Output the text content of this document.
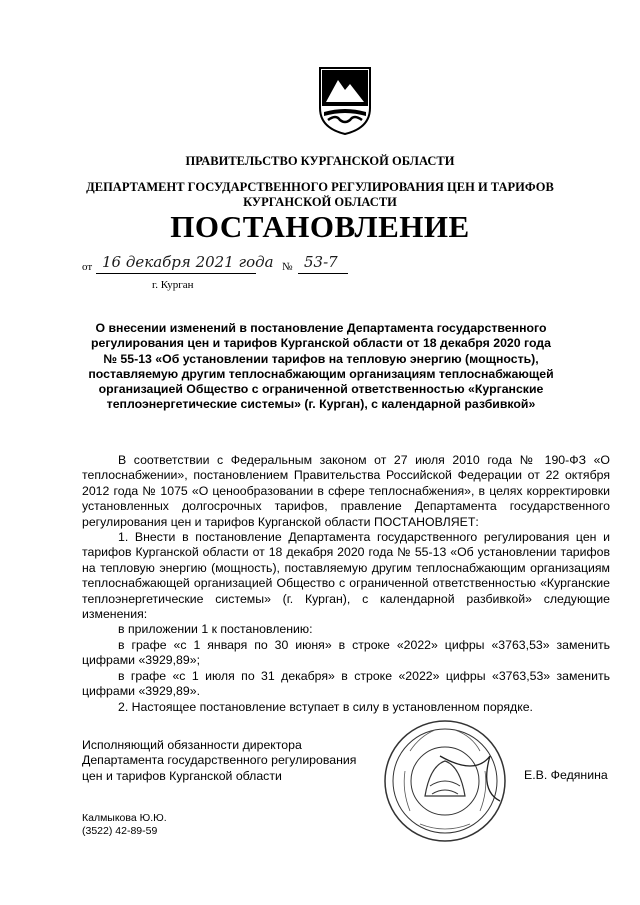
ПРАВИТЕЛЬСТВО КУРГАНСКОЙ ОБЛАСТИ
ДЕПАРТАМЕНТ ГОСУДАРСТВЕННОГО РЕГУЛИРОВАНИЯ ЦЕН И ТАРИФОВ
КУРГАНСКОЙ ОБЛАСТИ
ПОСТАНОВЛЕНИЕ
от 16 декабря 2021 года № 53-7
г. Курган
О внесении изменений в постановление Департамента государственного
регулирования цен и тарифов Курганской области от 18 декабря 2020 года
№ 55-13 «Об установлении тарифов на тепловую энергию (мощность),
поставляемую другим теплоснабжающим организациям теплоснабжающей
организацией Общество с ограниченной ответственностью «Курганские
теплоэнергетические системы» (г. Курган), с календарной разбивкой»

В соответствии с Федеральным законом от 27 июля 2010 года № 190-ФЗ «О теплоснабжении», постановлением Правительства Российской Федерации от 22 октября 2012 года № 1075 «О ценообразовании в сфере теплоснабжения», в целях корректировки установленных долгосрочных тарифов, правление Департамента государственного регулирования цен и тарифов Курганской области ПОСТАНОВЛЯЕТ:

1. Внести в постановление Департамента государственного регулирования цен и тарифов Курганской области от 18 декабря 2020 года № 55-13 «Об установлении тарифов на тепловую энергию (мощность), поставляемую другим теплоснабжающим организациям теплоснабжающей организацией Общество с ограниченной ответственностью «Курганские теплоэнергетические системы» (г. Курган), с календарной разбивкой» следующие изменения:

в приложении 1 к постановлению:

в графе «с 1 января по 30 июня» в строке «2022» цифры «3763,53» заменить цифрами «3929,89»;

в графе «с 1 июля по 31 декабря» в строке «2022» цифры «3763,53» заменить цифрами «3929,89».

2. Настоящее постановление вступает в силу в установленном порядке.

Исполняющий обязанности директора
Департамента государственного регулирования
цен и тарифов Курганской области	Е.В. Федянина
Калмыкова Ю.Ю.
(3522) 42-89-59
